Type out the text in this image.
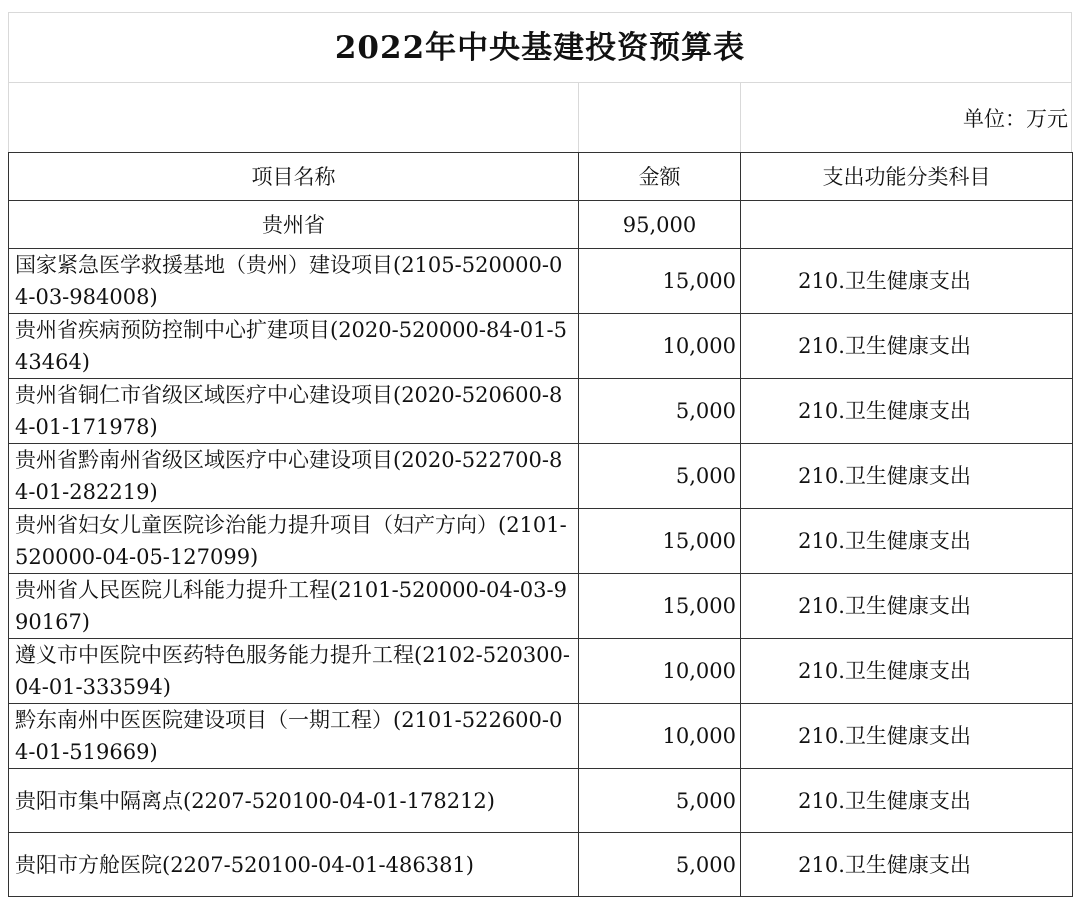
2022年中央基建投资预算表
单位：万元
项目名称	金额	支出功能分类科目
贵州省	95,000	
国家紧急医学救援基地（贵州）建设项目(2105-520000-04-03-984008)	15,000	210.卫生健康支出
贵州省疾病预防控制中心扩建项目(2020-520000-84-01-543464)	10,000	210.卫生健康支出
贵州省铜仁市省级区域医疗中心建设项目(2020-520600-84-01-171978)	5,000	210.卫生健康支出
贵州省黔南州省级区域医疗中心建设项目(2020-522700-84-01-282219)	5,000	210.卫生健康支出
贵州省妇女儿童医院诊治能力提升项目（妇产方向）(2101-520000-04-05-127099)	15,000	210.卫生健康支出
贵州省人民医院儿科能力提升工程(2101-520000-04-03-990167)	15,000	210.卫生健康支出
遵义市中医院中医药特色服务能力提升工程(2102-520300-04-01-333594)	10,000	210.卫生健康支出
黔东南州中医医院建设项目（一期工程）(2101-522600-04-01-519669)	10,000	210.卫生健康支出
贵阳市集中隔离点(2207-520100-04-01-178212)	5,000	210.卫生健康支出
贵阳市方舱医院(2207-520100-04-01-486381)	5,000	210.卫生健康支出
